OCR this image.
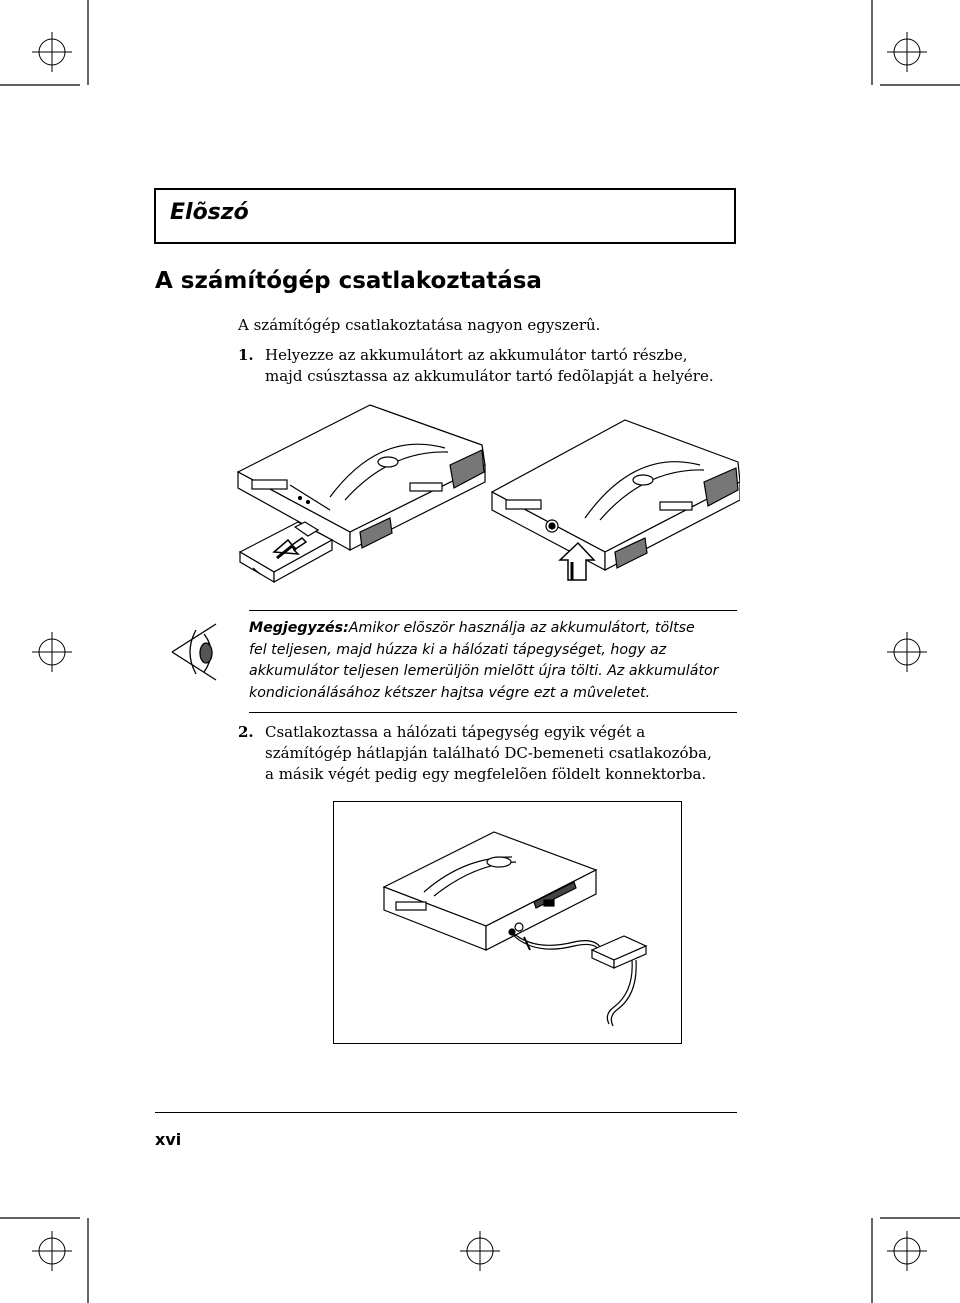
Elõszó
A számítógép csatlakoztatása
A számítógép csatlakoztatása nagyon egyszerû.
1. Helyezze az akkumulátort az akkumulátor tartó részbe,
majd csúsztassa az akkumulátor tartó fedõlapját a helyére.
Megjegyzés:Amikor elõször használja az akkumulátort, töltse
fel teljesen, majd húzza ki a hálózati tápegységet, hogy az
akkumulátor teljesen lemerüljön mielõtt újra tölti. Az akkumulátor
kondicionálásához kétszer hajtsa végre ezt a mûveletet.
2. Csatlakoztassa a hálózati tápegység egyik végét a
számítógép hátlapján található DC-bemeneti csatlakozóba,
a másik végét pedig egy megfelelõen földelt konnektorba.
xvi
